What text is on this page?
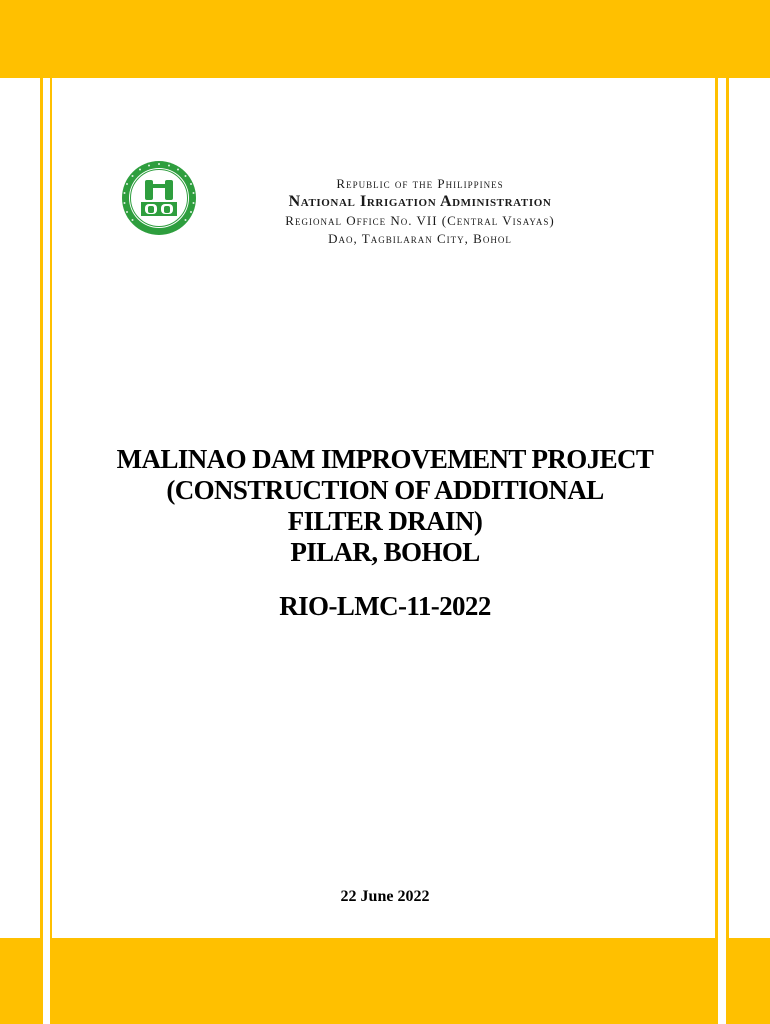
Republic of the Philippines
National Irrigation Administration
Regional Office No. VII (Central Visayas)
Dao, Tagbilaran City, Bohol
MALINAO DAM IMPROVEMENT PROJECT
(CONSTRUCTION OF ADDITIONAL
FILTER DRAIN)
PILAR, BOHOL
RIO-LMC-11-2022
22 June 2022
